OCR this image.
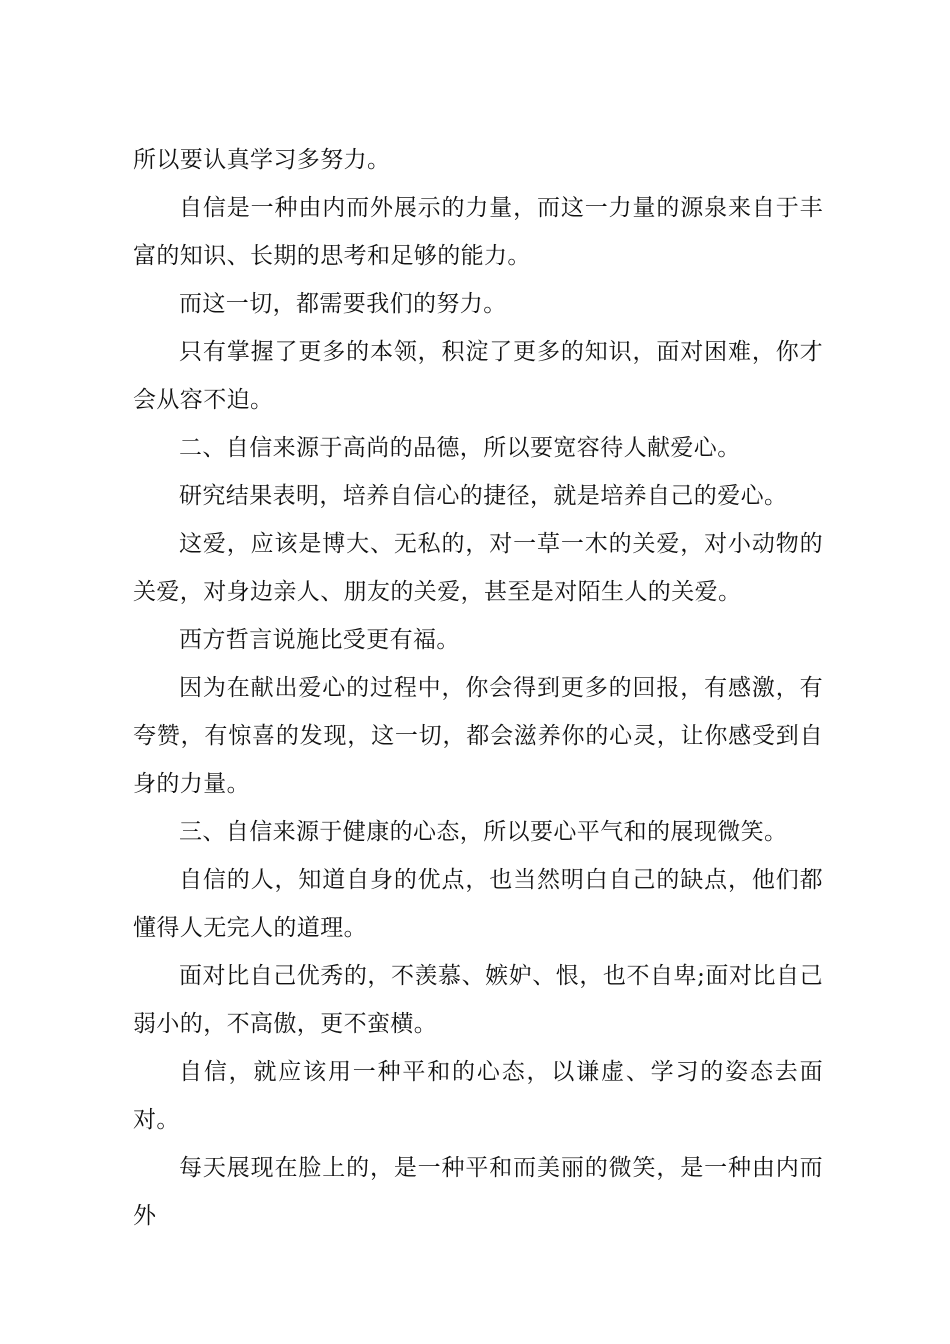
所以要认真学习多努力。

自信是一种由内而外展示的力量，而这一力量的源泉来自于丰富的知识、长期的思考和足够的能力。

而这一切，都需要我们的努力。

只有掌握了更多的本领，积淀了更多的知识，面对困难，你才会从容不迫。

二、自信来源于高尚的品德，所以要宽容待人献爱心。

研究结果表明，培养自信心的捷径，就是培养自己的爱心。

这爱，应该是博大、无私的，对一草一木的关爱，对小动物的关爱，对身边亲人、朋友的关爱，甚至是对陌生人的关爱。

西方哲言说施比受更有福。

因为在献出爱心的过程中，你会得到更多的回报，有感激，有夸赞，有惊喜的发现，这一切，都会滋养你的心灵，让你感受到自身的力量。

三、自信来源于健康的心态，所以要心平气和的展现微笑。

自信的人，知道自身的优点，也当然明白自己的缺点，他们都懂得人无完人的道理。

面对比自己优秀的，不羡慕、嫉妒、恨，也不自卑;面对比自己弱小的，不高傲，更不蛮横。

自信，就应该用一种平和的心态，以谦虚、学习的姿态去面对。

每天展现在脸上的，是一种平和而美丽的微笑，是一种由内而外
